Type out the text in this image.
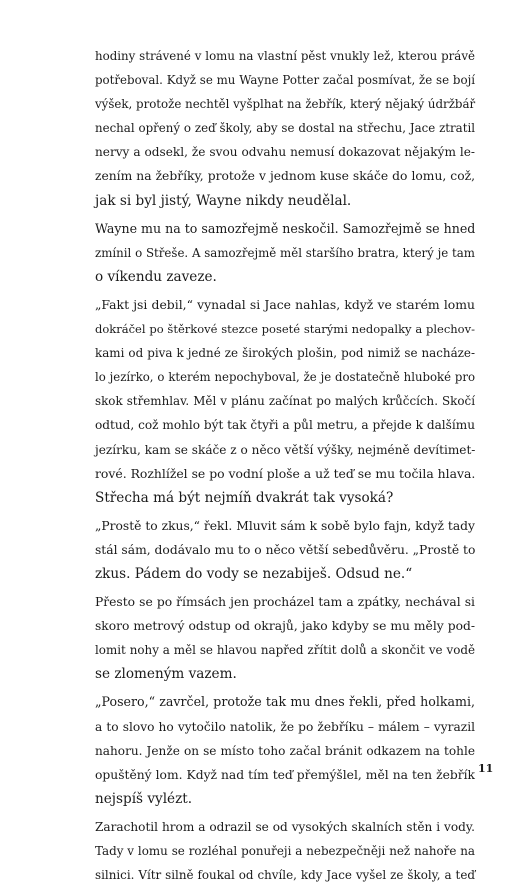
hodiny strávené v lomu na vlastní pěst vnukly lež, kterou právě
potřeboval. Když se mu Wayne Potter začal posmívat, že se bojí
výšek, protože nechtěl vyšplhat na žebřík, který nějaký údržbář
nechal opřený o zeď školy, aby se dostal na střechu, Jace ztratil
nervy a odsekl, že svou odvahu nemusí dokazovat nějakým le-
zením na žebříky, protože v jednom kuse skáče do lomu, což,
jak si byl jistý, Wayne nikdy neudělal.
Wayne mu na to samozřejmě neskočil. Samozřejmě se hned
zmínil o Střeše. A samozřejmě měl staršího bratra, který je tam
o víkendu zaveze.
„Fakt jsi debil,“ vynadal si Jace nahlas, když ve starém lomu
dokráčel po štěrkové stezce poseté starými nedopalky a plechov-
kami od piva k jedné ze širokých plošin, pod nimiž se nacháze-
lo jezírko, o kterém nepochyboval, že je dostatečně hluboké pro
skok střemhlav. Měl v plánu začínat po malých krůčcích. Skočí
odtud, což mohlo být tak čtyři a půl metru, a přejde k dalšímu
jezírku, kam se skáče z o něco větší výšky, nejméně devítimet-
rové. Rozhlížel se po vodní ploše a už teď se mu točila hlava.
Střecha má být nejmíň dvakrát tak vysoká?
„Prostě to zkus,“ řekl. Mluvit sám k sobě bylo fajn, když tady
stál sám, dodávalo mu to o něco větší sebedůvěru. „Prostě to
zkus. Pádem do vody se nezabiješ. Odsud ne.“
Přesto se po římsách jen procházel tam a zpátky, nechával si
skoro metrový odstup od okrajů, jako kdyby se mu měly pod-
lomit nohy a měl se hlavou napřed zřítit dolů a skončit ve vodě
se zlomeným vazem.
„Posero,“ zavrčel, protože tak mu dnes řekli, před holkami,
a to slovo ho vytočilo natolik, že po žebříku – málem – vyrazil
nahoru. Jenže on se místo toho začal bránit odkazem na tohle
opuštěný lom. Když nad tím teď přemýšlel, měl na ten žebřík
nejspíš vylézt.
Zarachotil hrom a odrazil se od vysokých skalních stěn i vody.
Tady v lomu se rozléhal ponuřeji a nebezpečněji než nahoře na
silnici. Vítr silně foukal od chvíle, kdy Jace vyšel ze školy, a teď
11
